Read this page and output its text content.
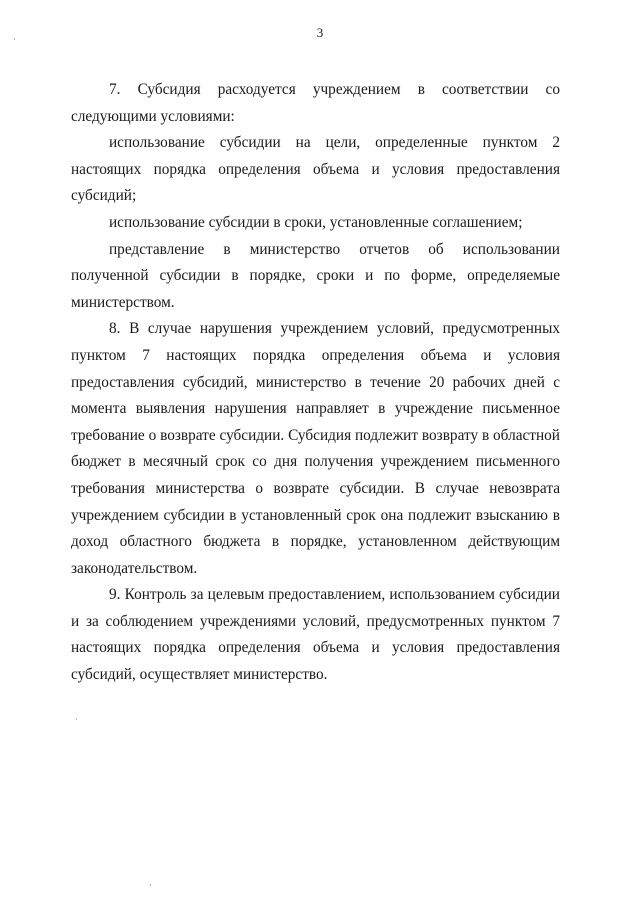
3

7. Субсидия расходуется учреждением в соответствии со следующими условиями:

использование субсидии на цели, определенные пунктом 2 настоящих порядка определения объема и условия предоставления субсидий;

использование субсидии в сроки, установленные соглашением;

представление в министерство отчетов об использовании полученной субсидии в порядке, сроки и по форме, определяемые министерством.

8. В случае нарушения учреждением условий, предусмотренных пунктом 7 настоящих порядка определения объема и условия предоставления субсидий, министерство в течение 20 рабочих дней с момента выявления нарушения направляет в учреждение письменное требование о возврате субсидии. Субсидия подлежит возврату в областной бюджет в месячный срок со дня получения учреждением письменного требования министерства о возврате субсидии. В случае невозврата учреждением субсидии в установленный срок она подлежит взысканию в доход областного бюджета в порядке, установленном действующим законодательством.

9. Контроль за целевым предоставлением, использованием субсидии и за соблюдением учреждениями условий, предусмотренных пунктом 7 настоящих порядка определения объема и условия предоставления субсидий, осуществляет министерство.
